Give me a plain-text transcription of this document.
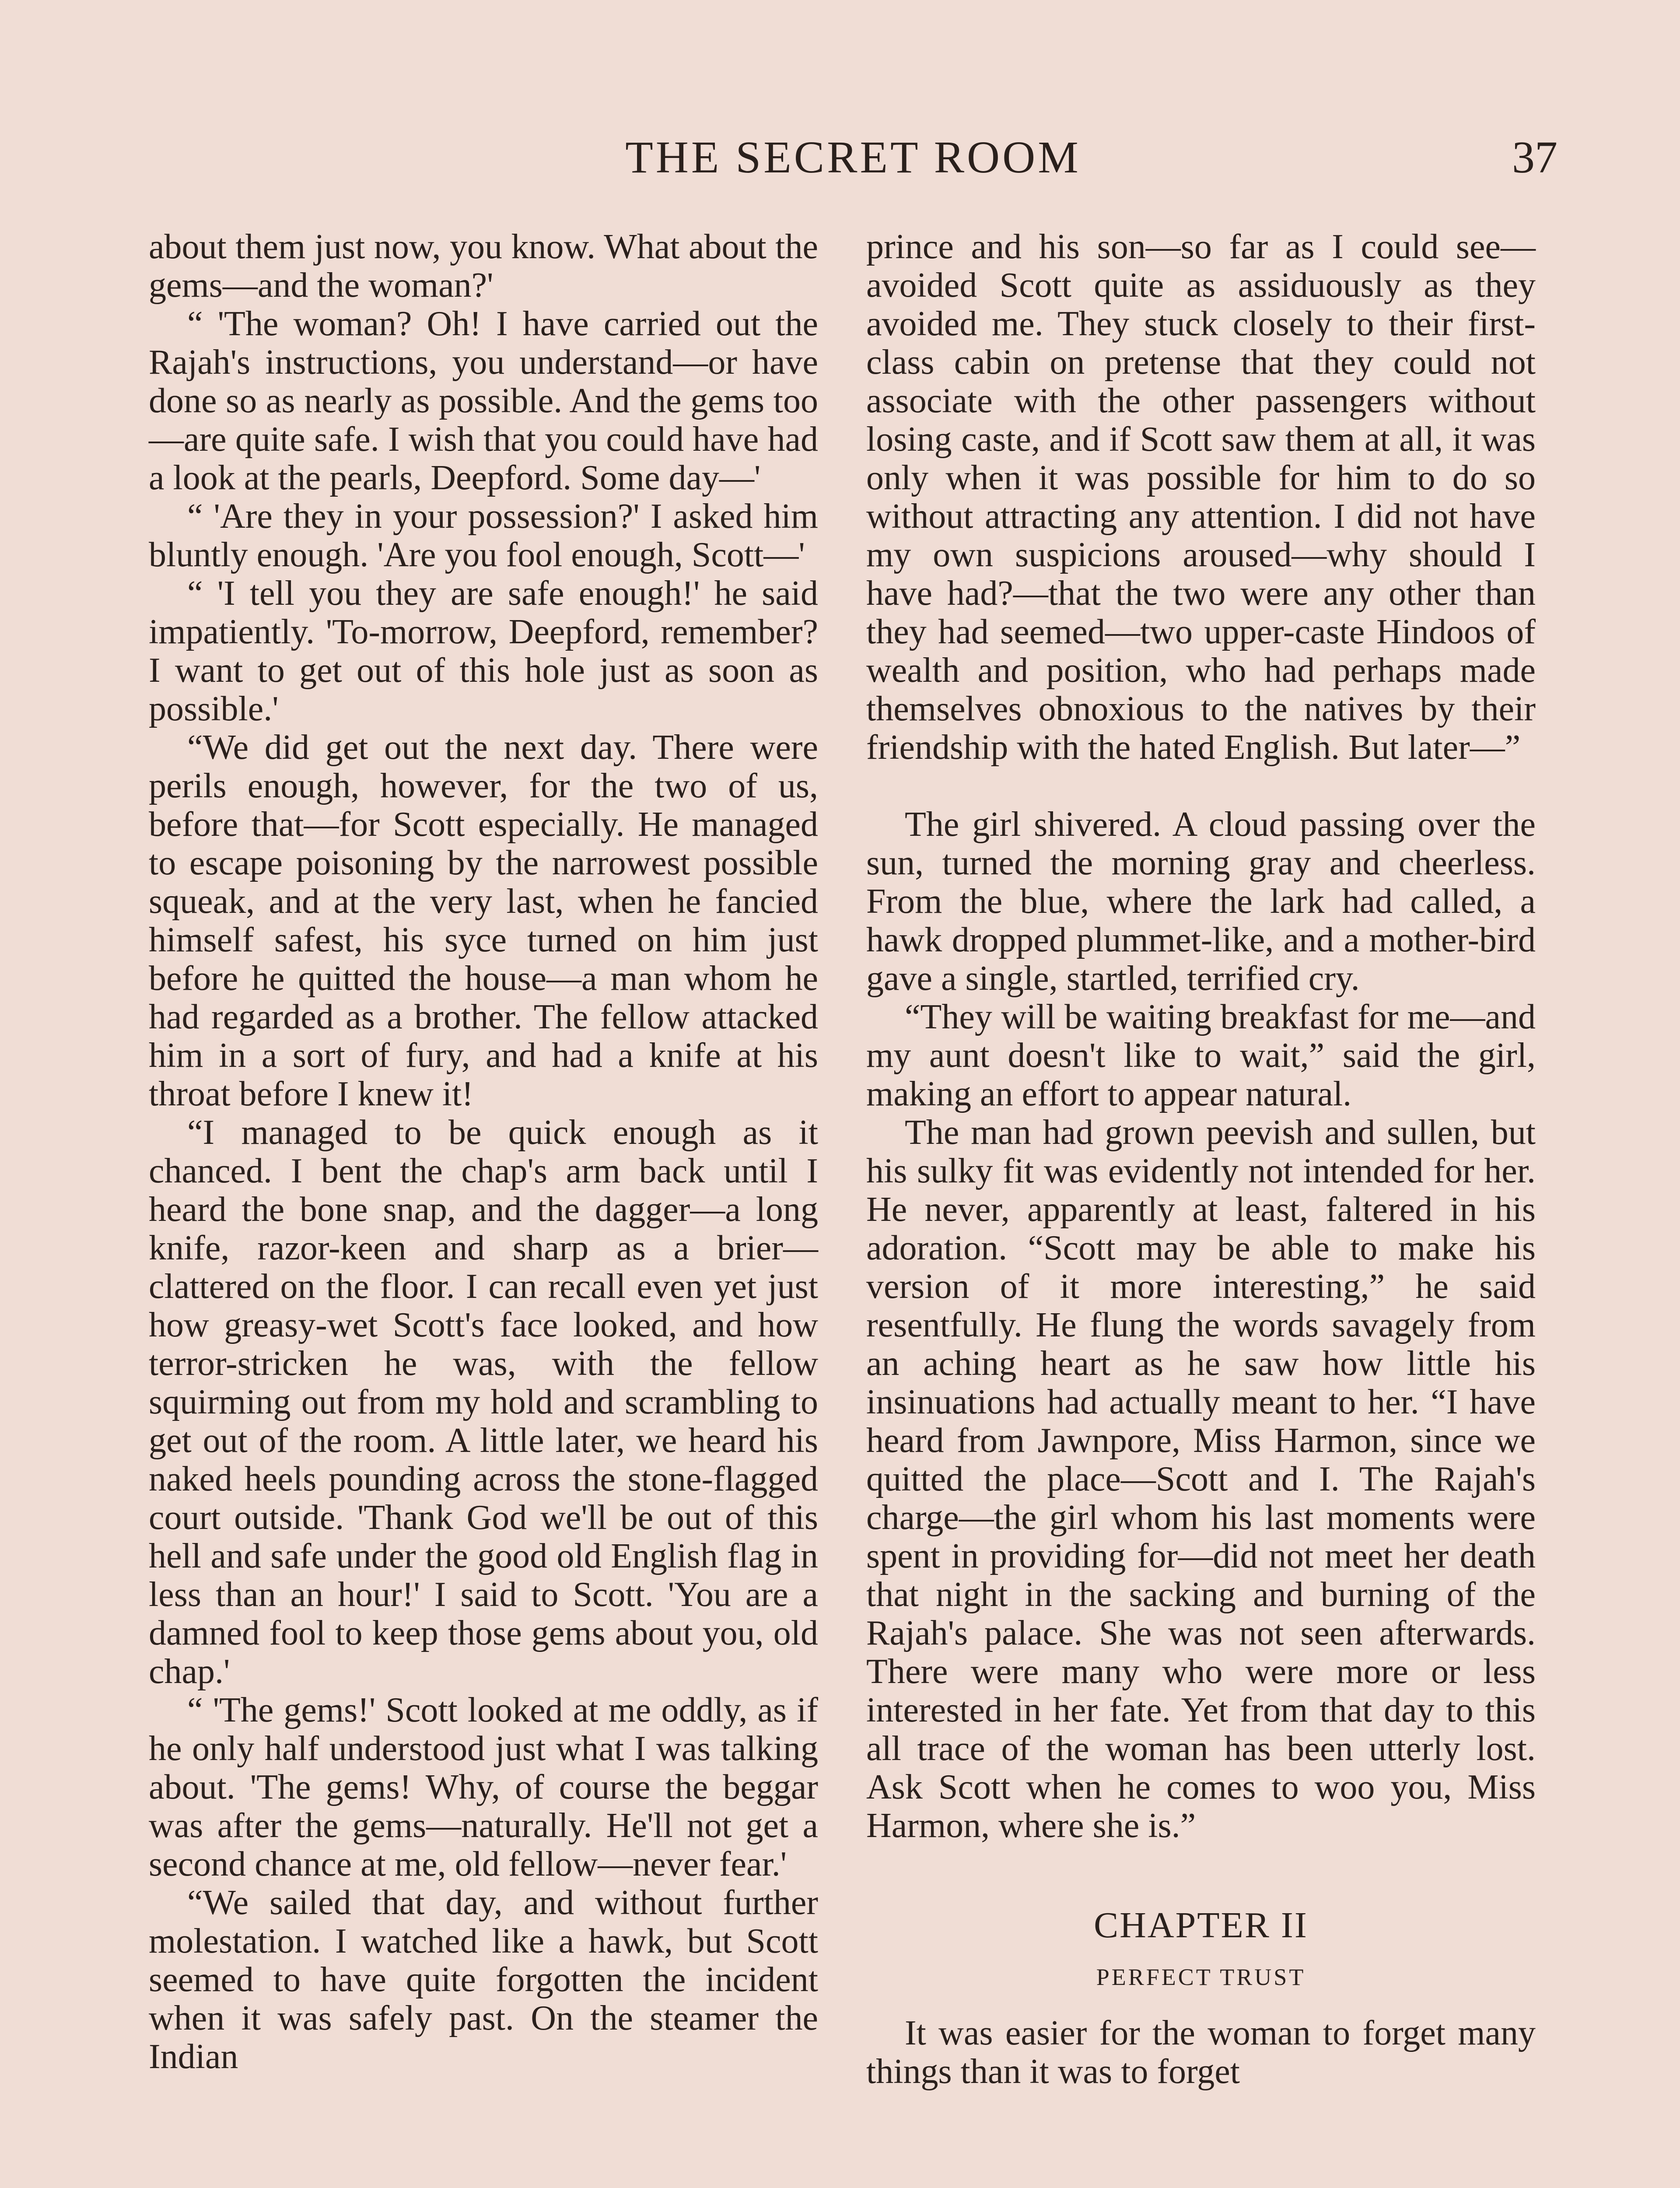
THE SECRET ROOM	37

about them just now, you know. What about the gems—and the woman?'

“ 'The woman? Oh! I have carried out the Rajah's instructions, you understand—or have done so as nearly as possible. And the gems too—are quite safe. I wish that you could have had a look at the pearls, Deepford. Some day—'

“ 'Are they in your possession?' I asked him bluntly enough. 'Are you fool enough, Scott—'

“ 'I tell you they are safe enough!' he said impatiently. 'To-morrow, Deepford, remember? I want to get out of this hole just as soon as possible.'

“We did get out the next day. There were perils enough, however, for the two of us, before that—for Scott especially. He managed to escape poisoning by the narrowest possible squeak, and at the very last, when he fancied himself safest, his syce turned on him just before he quitted the house—a man whom he had regarded as a brother. The fellow attacked him in a sort of fury, and had a knife at his throat before I knew it!

“I managed to be quick enough as it chanced. I bent the chap's arm back until I heard the bone snap, and the dagger—a long knife, razor-keen and sharp as a brier—clattered on the floor. I can recall even yet just how greasy-wet Scott's face looked, and how terror-stricken he was, with the fellow squirming out from my hold and scrambling to get out of the room. A little later, we heard his naked heels pounding across the stone-flagged court outside. 'Thank God we'll be out of this hell and safe under the good old English flag in less than an hour!' I said to Scott. 'You are a damned fool to keep those gems about you, old chap.'

“ 'The gems!' Scott looked at me oddly, as if he only half understood just what I was talking about. 'The gems! Why, of course the beggar was after the gems—naturally. He'll not get a second chance at me, old fellow—never fear.'

“We sailed that day, and without further molestation. I watched like a hawk, but Scott seemed to have quite forgotten the incident when it was safely past. On the steamer the Indian

prince and his son—so far as I could see—avoided Scott quite as assiduously as they avoided me. They stuck closely to their first-class cabin on pretense that they could not associate with the other passengers without losing caste, and if Scott saw them at all, it was only when it was possible for him to do so without attracting any attention. I did not have my own suspicions aroused—why should I have had?—that the two were any other than they had seemed—two upper-caste Hindoos of wealth and position, who had perhaps made themselves obnoxious to the natives by their friendship with the hated English. But later—”

The girl shivered. A cloud passing over the sun, turned the morning gray and cheerless. From the blue, where the lark had called, a hawk dropped plummet-like, and a mother-bird gave a single, startled, terrified cry.

“They will be waiting breakfast for me—and my aunt doesn't like to wait,” said the girl, making an effort to appear natural.

The man had grown peevish and sullen, but his sulky fit was evidently not intended for her. He never, apparently at least, faltered in his adoration. “Scott may be able to make his version of it more interesting,” he said resentfully. He flung the words savagely from an aching heart as he saw how little his insinuations had actually meant to her. “I have heard from Jawnpore, Miss Harmon, since we quitted the place—Scott and I. The Rajah's charge—the girl whom his last moments were spent in providing for—did not meet her death that night in the sacking and burning of the Rajah's palace. She was not seen afterwards. There were many who were more or less interested in her fate. Yet from that day to this all trace of the woman has been utterly lost. Ask Scott when he comes to woo you, Miss Harmon, where she is.”

CHAPTER II

PERFECT TRUST

It was easier for the woman to forget many things than it was to forget
